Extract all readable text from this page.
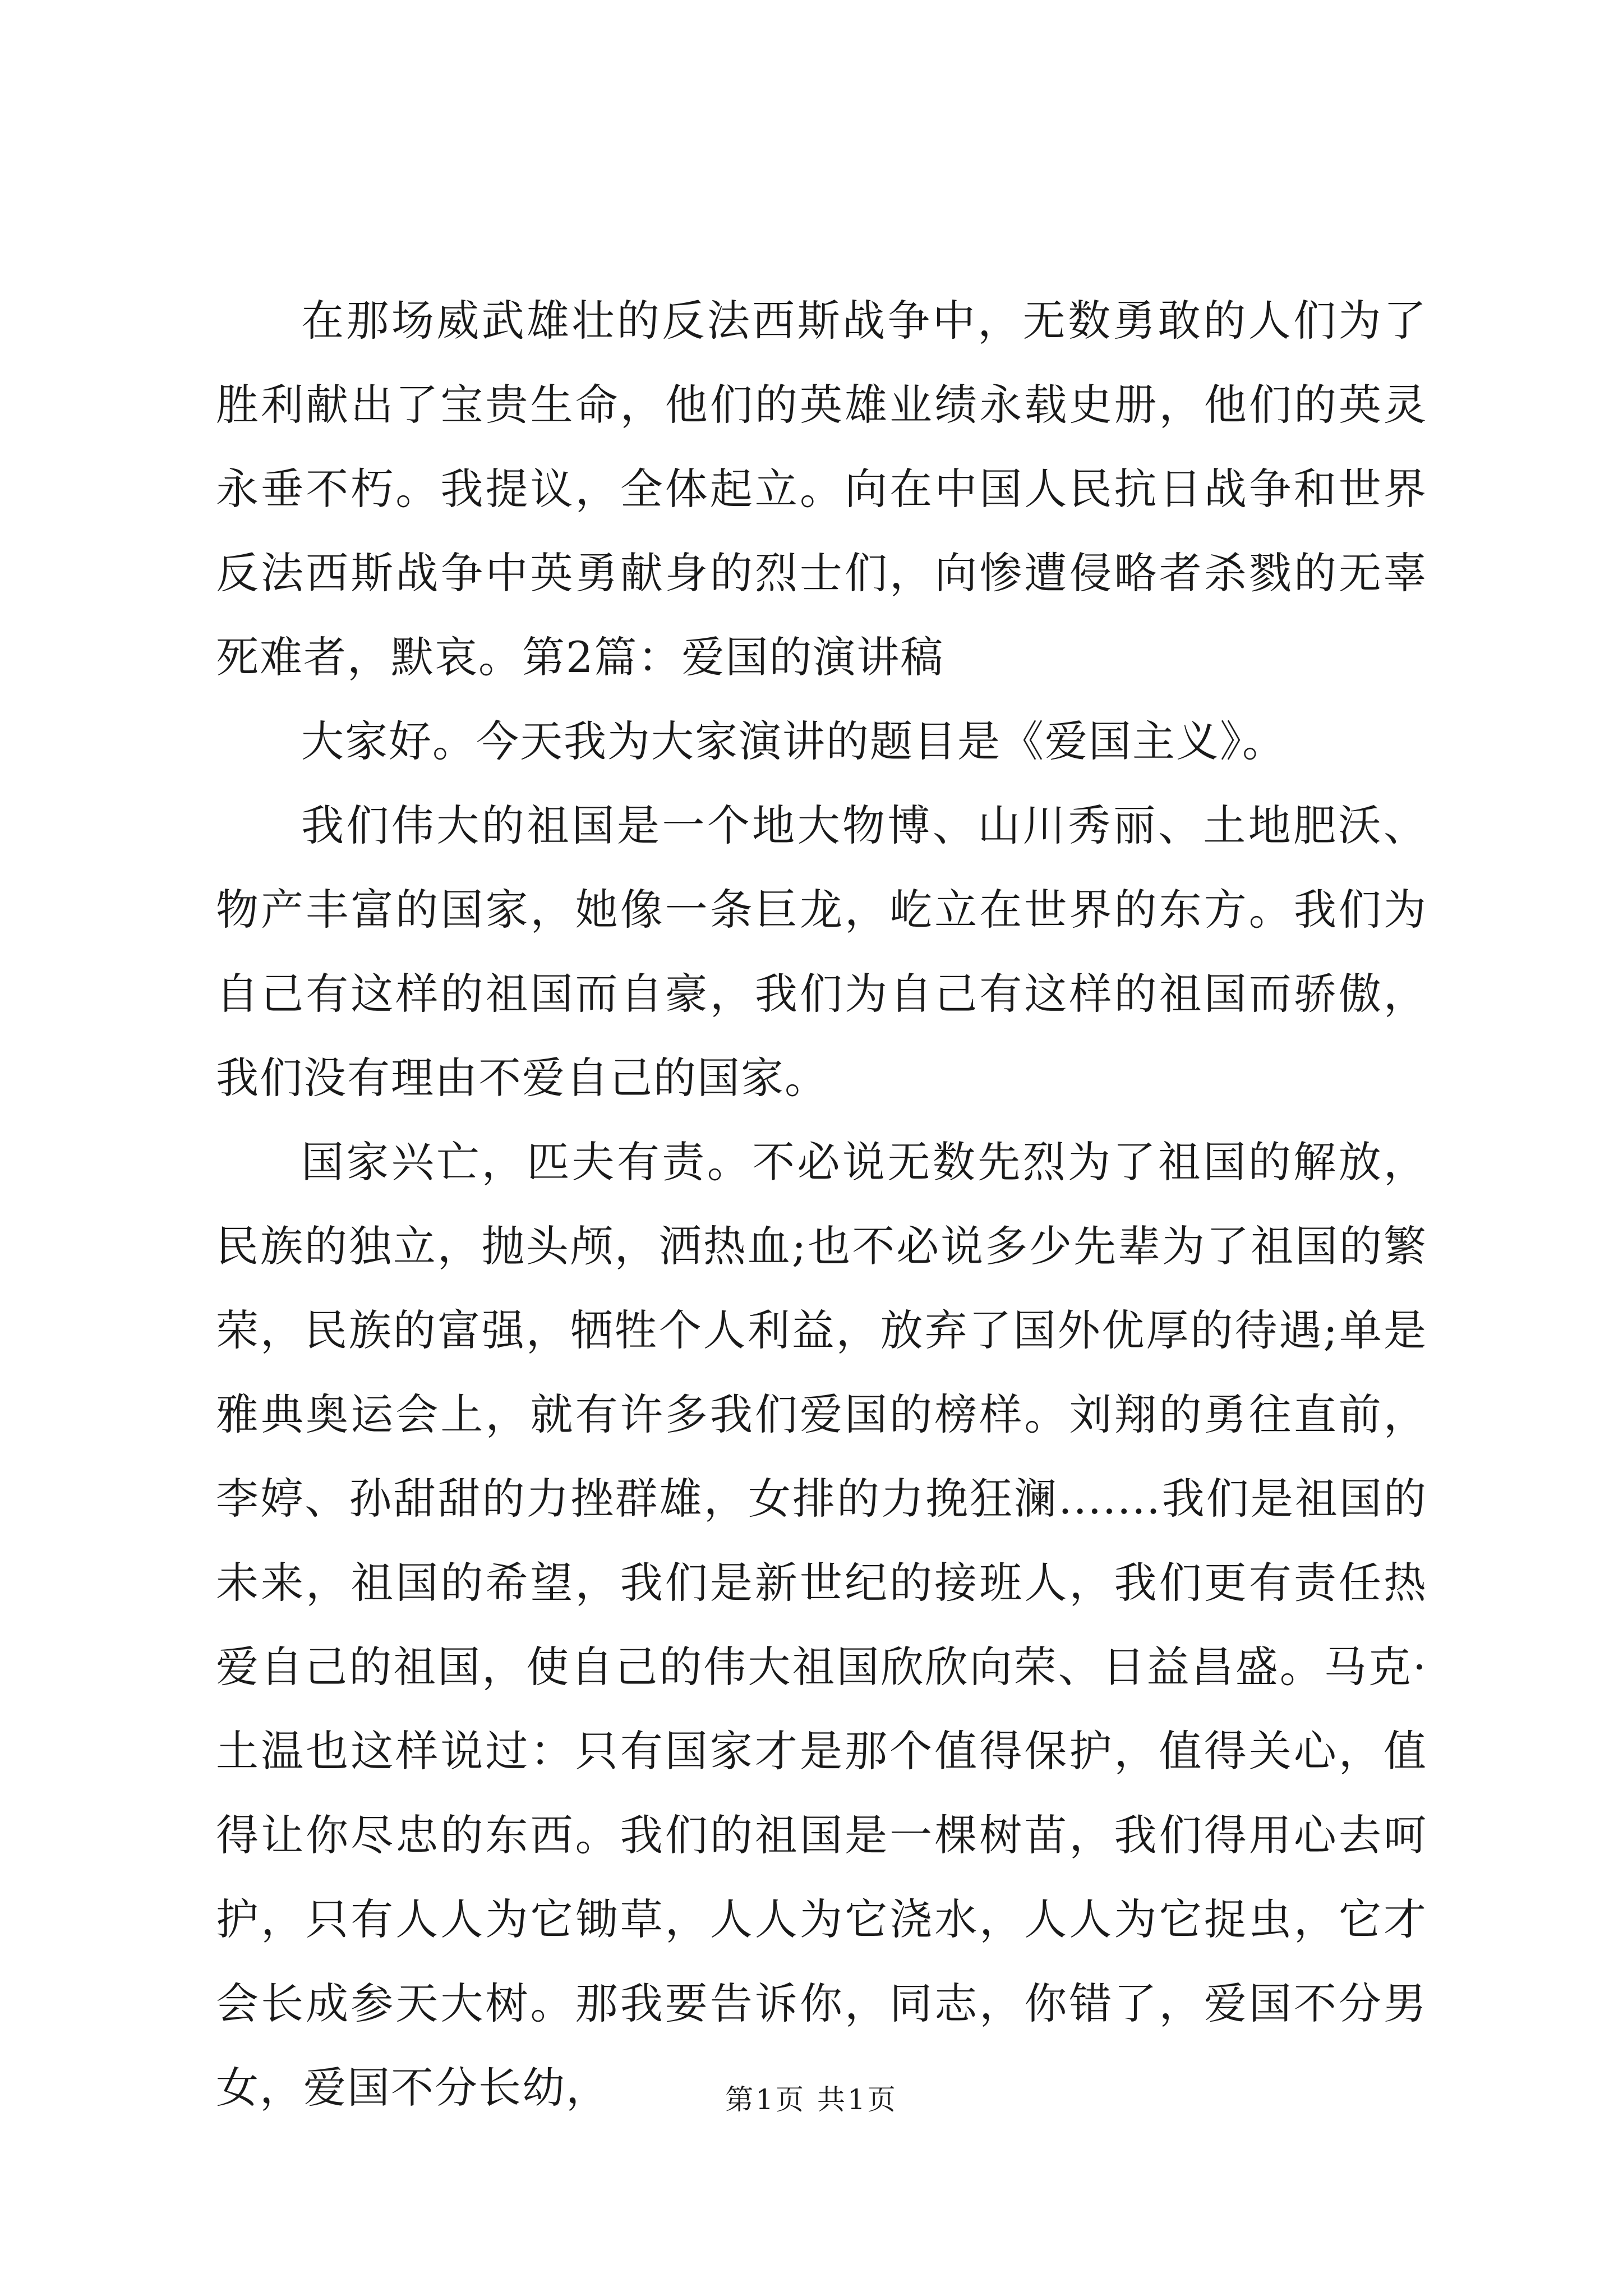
在那场威武雄壮的反法西斯战争中，无数勇敢的人们为了胜利献出了宝贵生命，他们的英雄业绩永载史册，他们的英灵永垂不朽。我提议，全体起立。向在中国人民抗日战争和世界反法西斯战争中英勇献身的烈士们，向惨遭侵略者杀戮的无辜死难者，默哀。第2篇：爱国的演讲稿

大家好。今天我为大家演讲的题目是《爱国主义》。

我们伟大的祖国是一个地大物博、山川秀丽、土地肥沃、物产丰富的国家，她像一条巨龙，屹立在世界的东方。我们为自己有这样的祖国而自豪，我们为自己有这样的祖国而骄傲，我们没有理由不爱自己的国家。

国家兴亡，匹夫有责。不必说无数先烈为了祖国的解放，民族的独立，抛头颅，洒热血;也不必说多少先辈为了祖国的繁荣，民族的富强，牺牲个人利益，放弃了国外优厚的待遇;单是雅典奥运会上，就有许多我们爱国的榜样。刘翔的勇往直前，李婷、孙甜甜的力挫群雄，女排的力挽狂澜.......我们是祖国的未来，祖国的希望，我们是新世纪的接班人，我们更有责任热爱自己的祖国，使自己的伟大祖国欣欣向荣、日益昌盛。马克·土温也这样说过：只有国家才是那个值得保护，值得关心，值得让你尽忠的东西。我们的祖国是一棵树苗，我们得用心去呵护，只有人人为它锄草，人人为它浇水，人人为它捉虫，它才会长成参天大树。那我要告诉你，同志，你错了，爱国不分男女，爱国不分长幼，	第1页 共1页
